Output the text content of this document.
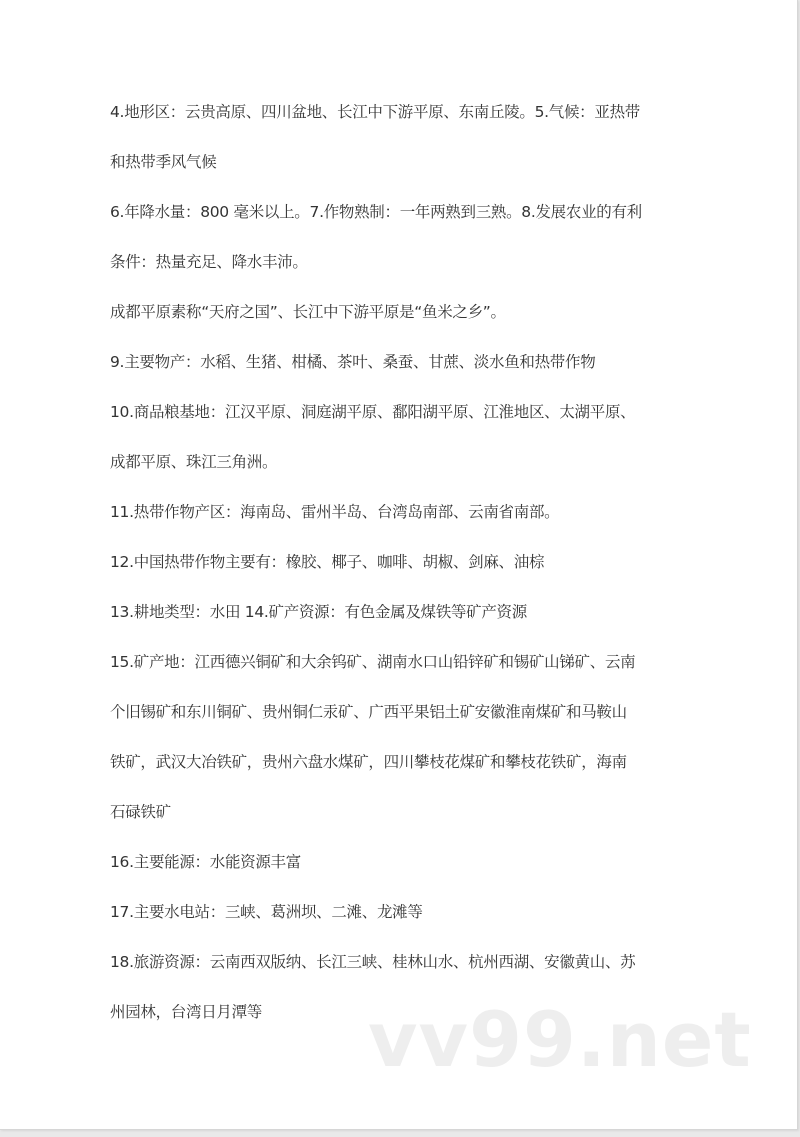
4.地形区：云贵高原、四川盆地、长江中下游平原、东南丘陵。5.气候：亚热带
和热带季风气候
6.年降水量：800 毫米以上。7.作物熟制：一年两熟到三熟。8.发展农业的有利
条件：热量充足、降水丰沛。
成都平原素称“天府之国”、长江中下游平原是“鱼米之乡”。
9.主要物产：水稻、生猪、柑橘、茶叶、桑蚕、甘蔗、淡水鱼和热带作物
10.商品粮基地：江汉平原、洞庭湖平原、鄱阳湖平原、江淮地区、太湖平原、
成都平原、珠江三角洲。
11.热带作物产区：海南岛、雷州半岛、台湾岛南部、云南省南部。
12.中国热带作物主要有：橡胶、椰子、咖啡、胡椒、剑麻、油棕
13.耕地类型：水田 14.矿产资源：有色金属及煤铁等矿产资源
15.矿产地：江西德兴铜矿和大余钨矿、湖南水口山铅锌矿和锡矿山锑矿、云南
个旧锡矿和东川铜矿、贵州铜仁汞矿、广西平果铝土矿安徽淮南煤矿和马鞍山
铁矿，武汉大冶铁矿，贵州六盘水煤矿，四川攀枝花煤矿和攀枝花铁矿，海南
石碌铁矿
16.主要能源：水能资源丰富
17.主要水电站：三峡、葛洲坝、二滩、龙滩等
18.旅游资源：云南西双版纳、长江三峡、桂林山水、杭州西湖、安徽黄山、苏
州园林，台湾日月潭等	vv99.net
